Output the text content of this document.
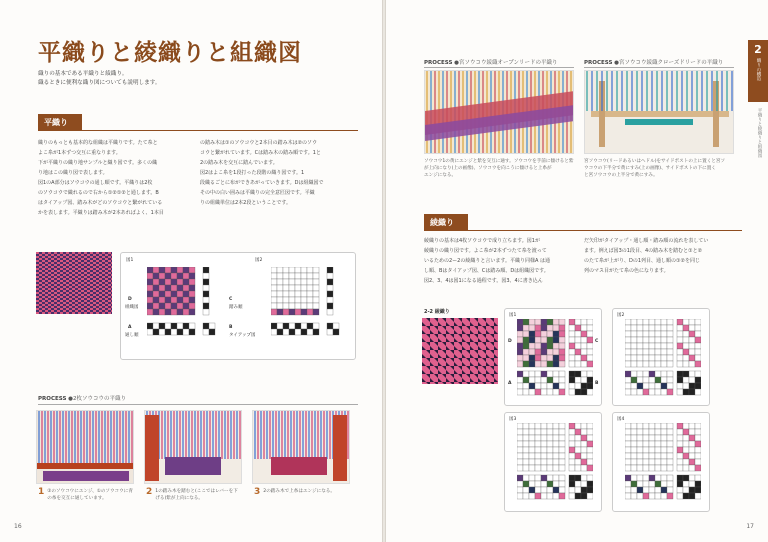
平織りと綾織りと組織図
織りの基本である平織りと綾織り。
織るときに便利な織り図についても説明します。
平織り
織りのもっとも基本的な組織は平織りです。たて糸と
よこ糸が1本ずつ交互に重なります。
下が平織りの織り地サンプルと織り図です。多くの織
り地はこの織り図で表します。
図1のA部分はソウコウの通し順です。平織りは2枚
のソウコウで織れるので右から①②①②と通します。B
はタイアップ図、踏み木がどのソウコウと繋がれている
かを表します。平織りは踏み木が2本あればよく、1本目
の踏み木は①のソウコウと2本目の踏み木は②のソウ
コウと繋がれています。Cは踏み木の踏み順です。1と
2の踏み木を交互に踏んでいます。
図2はよこ糸を1段打った段階の織り図です。1
段織るごとに布ができあがっていきます。Dは組織図で
その中の白い囲みは平織りの完全意匠図です。平織
りの組織単位は2本2段ということです。
図1	図2
D
組織図
C
踏み順
A
通し順
B
タイアップ図
PROCESS ●2枚ソウコウの平織り
1 ②のソウコウにエンジ、①のソウコウに青の糸を交互に通しています。
2 1の踏み木を踏むと(ここではレバーを下げる)紫が上向になる。
3 2の踏み木で上糸はエンジになる。
16
PROCESS ●宮ソウコウ綾織オープンリードの平織り	PROCESS ●宮ソウコウ綾織クローズドリードの平織り
ソウコウ1の黄にエンジと紫を交互に通す。ソウコウを手前に傾けると紫が上向になり(上の画像)、ソウコウを向こうに傾けると上糸が
エンジになる。
宮ソウコウ(リードあるいはヘドル)をサイドポストの上に置くと宮ソ
ウコウの下半分で黄にすみ(上の画像)、サイドポストの下に置く
と宮ソウコウの上半分で黄にすみ。
綾織り
綾織りの基本は4枚ソウコウで成り立ちます。図1が
綾織りの織り図です。よこ糸が2本ずつたて糸を渡って
いるための2ー2の綾織りと言います。平織り同様A は通
し順、Bはタイアップ図、Cは踏み順、Dは組織図です。
図2、3、4は図1になる過程です。図3、4に書き込ん
だ矢印がタイアップ・通し順・踏み順の流れを表してい
ます。例えば図3の1段目、4の踏み木を踏むと①と②
のたて糸が上がり、Dの1列目、通し順の①②を同じ
列のマス目がたて糸の色になります。
2-2 綾織り
図1
D	C
A	B
図2
図3	図4
2
織りの構造
平織りと綾織りと組織図
17
